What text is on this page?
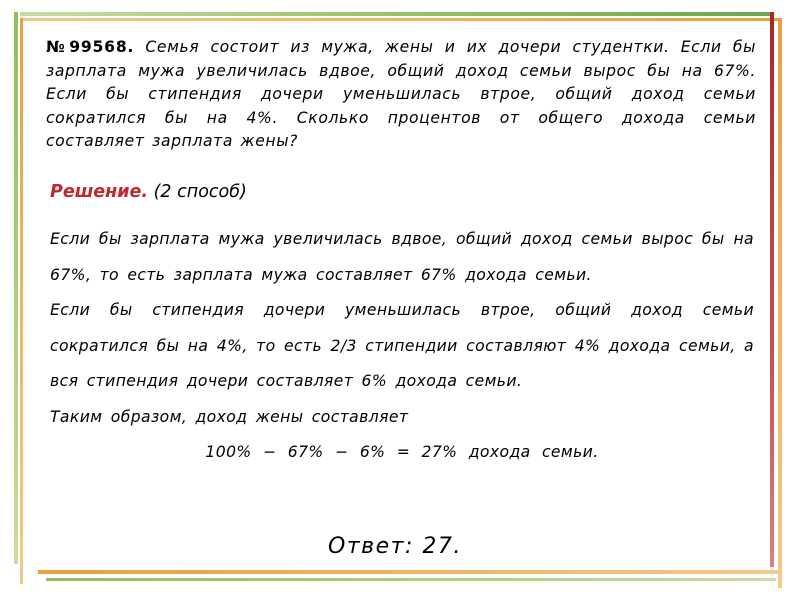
№99568. Семья состоит из мужа, жены и их дочери студентки. Если бы зарплата мужа увеличилась вдвое, общий доход семьи вырос бы на 67%. Если бы стипендия дочери уменьшилась втрое, общий доход семьи сократился бы на 4%. Сколько процентов от общего дохода семьи составляет зарплата жены?
Решение. (2 способ)

Если бы зарплата мужа увеличилась вдвое, общий доход семьи вырос бы на 67%, то есть зарплата мужа составляет 67% дохода семьи.

Если бы стипендия дочери уменьшилась втрое, общий доход семьи сократился бы на 4%, то есть 2/3 стипендии составляют 4% дохода семьи, а вся стипендия дочери составляет 6% дохода семьи.

Таким образом, доход жены составляет

100% − 67% − 6% = 27% дохода семьи.

Ответ: 27.
